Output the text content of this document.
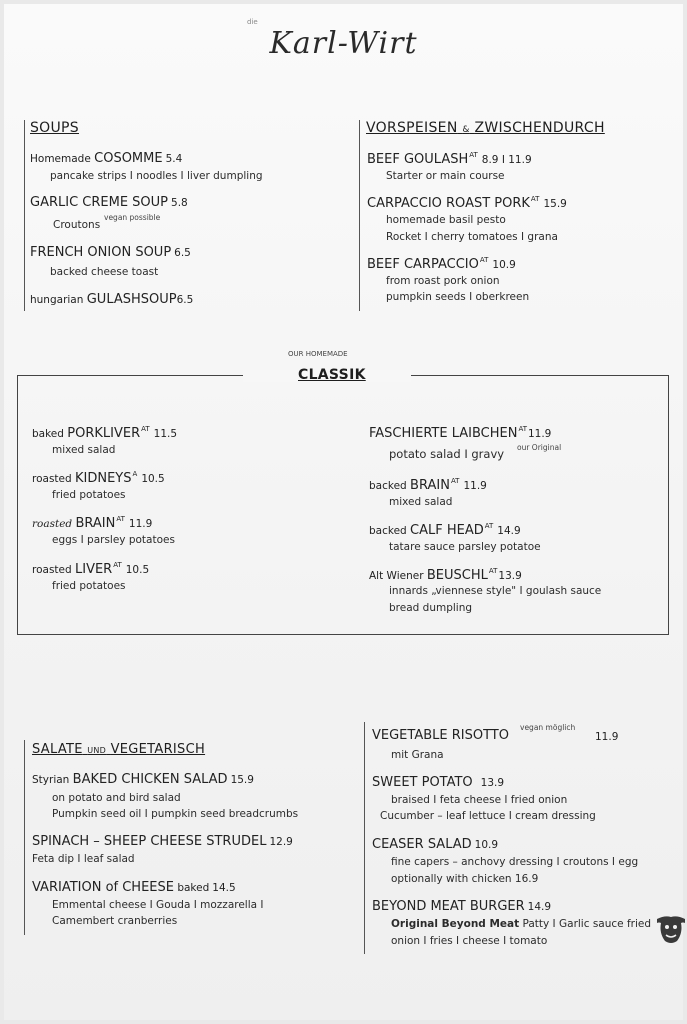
die
Karl-Wirt
SOUPS
Homemade COSOMME 5.4
pancake strips I noodles I liver dumpling
GARLIC CREME SOUP 5.8
vegan possible
Croutons
FRENCH ONION SOUP 6.5
backed cheese toast
hungarian GULASHSOUP6.5
VORSPEISEN & ZWISCHENDURCH
BEEF $GOULASH^{AT}$ 8.9 I 11.9
Starter or main course
CARPACCIO ROAST $PORK^{AT}$ 15.9
homemade basil pesto
Rocket I cherry tomatoes I grana
BEEF $CARPACCIO^{AT}$ 10.9
from roast pork onion
pumpkin seeds I oberkreen
OUR HOMEMADE
CLASSIK
baked $PORKLIVER^{AT}$ 11.5
mixed salad
roasted $KIDNEYS^A$ 10.5
fried potatoes
roasted $BRAIN^{AT}$ 11.9
eggs I parsley potatoes
roasted $LIVER^{AT}$ 10.5
fried potatoes
FASCHIERTE $LAIBCHEN^{AT}11.9$
our Original
potato salad I gravy
backed $BRAIN^{AT}$ 11.9
mixed salad
backed CALF $HEAD^{AT}$ 14.9
tatare sauce parsley potatoe
Alt Wiener $BEUSCHL^{AT}13.9$
innards „viennese style" I goulash sauce
bread dumpling
SALATE UND VEGETARISCH
Styrian BAKED CHICKEN SALAD 15.9
on potato and bird salad
Pumpkin seed oil I pumpkin seed breadcrumbs
SPINACH – SHEEP CHEESE STRUDEL 12.9
Feta dip I leaf salad
VARIATION of CHEESE baked 14.5
Emmental cheese I Gouda I mozzarella I
Camembert cranberries
VEGETABLE RISOTTO
vegan möglich
11.9
mit Grana
SWEET POTATO 13.9
braised I feta cheese I fried onion
Cucumber – leaf lettuce I cream dressing
CEASER SALAD 10.9
fine capers – anchovy dressing I croutons I egg
optionally with chicken 16.9
BEYOND MEAT BURGER 14.9
Original Beyond Meat Patty I Garlic sauce fried
onion I fries I cheese I tomato
